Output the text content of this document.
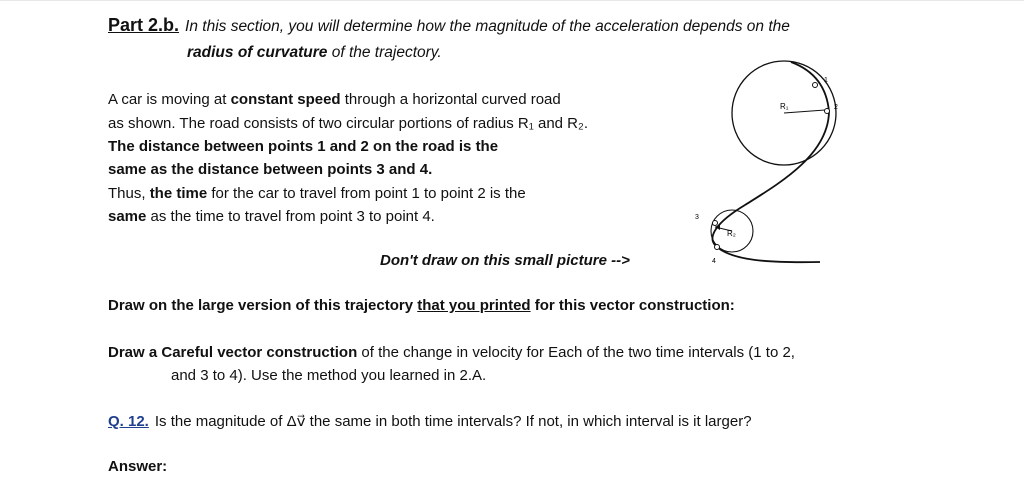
Part 2.b. In this section, you will determine how the magnitude of the acceleration depends on the
radius of curvature of the trajectory.
A car is moving at constant speed through a horizontal curved road
as shown. The road consists of two circular portions of radius R₁ and R₂.
The distance between points 1 and 2 on the road is the
same as the distance between points 3 and 4.
Thus, the time for the car to travel from point 1 to point 2 is the
same as the time to travel from point 3 to point 4.
Don't draw on this small picture -->
1
2
3
4
R₁
R₂
Draw on the large version of this trajectory that you printed for this vector construction:
Draw a Careful vector construction of the change in velocity for Each of the two time intervals (1 to 2,
and 3 to 4). Use the method you learned in 2.A.
Q. 12. Is the magnitude of Δv⃗ the same in both time intervals? If not, in which interval is it larger?
Answer:
